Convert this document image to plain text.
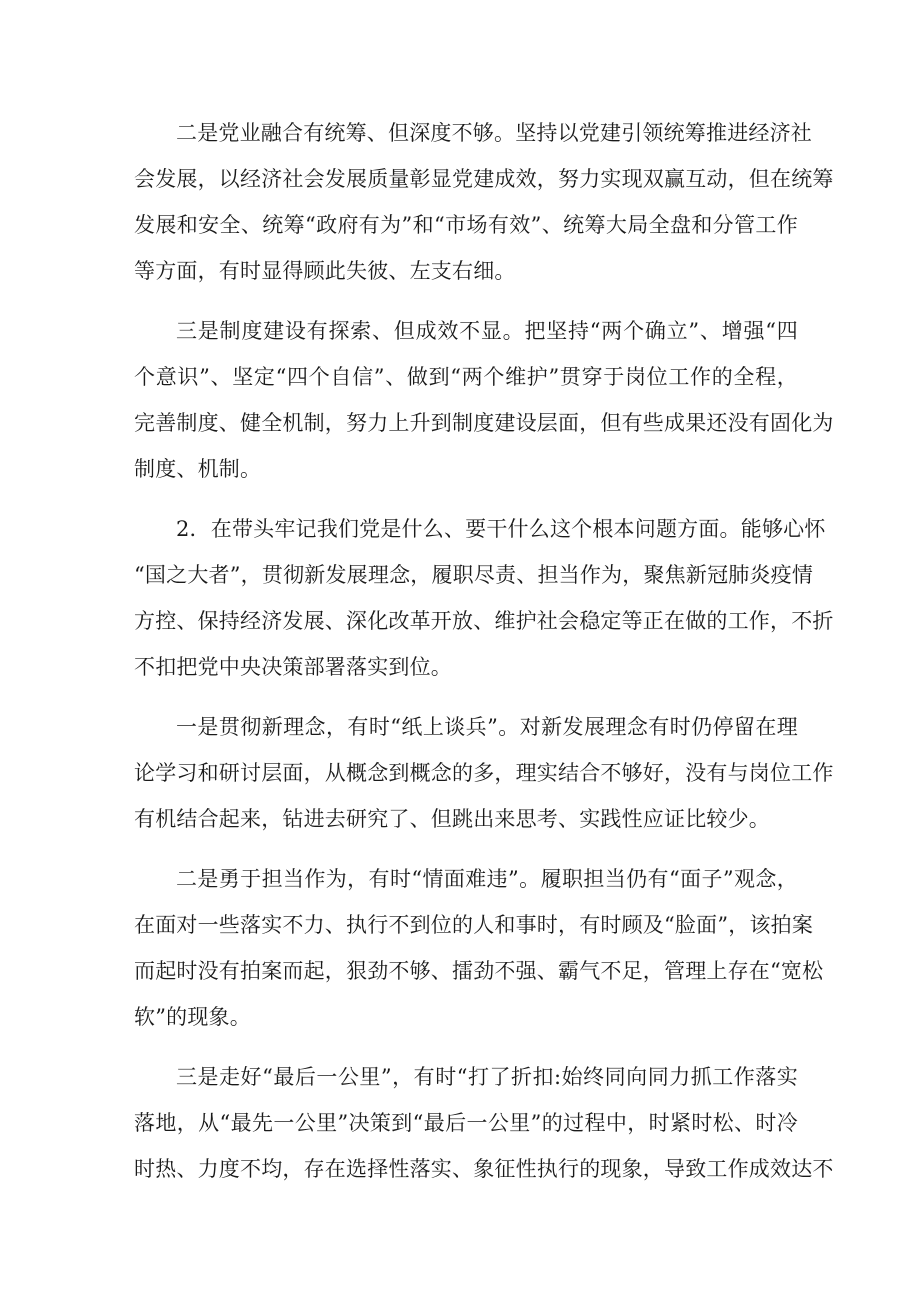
二是党业融合有统筹、但深度不够。坚持以党建引领统筹推进经济社
会发展，以经济社会发展质量彰显党建成效，努力实现双赢互动，但在统筹
发展和安全、统筹“政府有为”和“市场有效”、统筹大局全盘和分管工作
等方面，有时显得顾此失彼、左支右细。
三是制度建设有探索、但成效不显。把坚持“两个确立”、增强“四
个意识”、坚定“四个自信”、做到“两个维护”贯穿于岗位工作的全程，
完善制度、健全机制，努力上升到制度建设层面，但有些成果还没有固化为
制度、机制。
2．在带头牢记我们党是什么、要干什么这个根本问题方面。能够心怀
“国之大者”，贯彻新发展理念，履职尽责、担当作为，聚焦新冠肺炎疫情
方控、保持经济发展、深化改革开放、维护社会稳定等正在做的工作，不折
不扣把党中央决策部署落实到位。
一是贯彻新理念，有时“纸上谈兵”。对新发展理念有时仍停留在理
论学习和研讨层面，从概念到概念的多，理实结合不够好，没有与岗位工作
有机结合起来，钻进去研究了、但跳出来思考、实践性应证比较少。
二是勇于担当作为，有时“情面难违”。履职担当仍有“面子”观念，
在面对一些落实不力、执行不到位的人和事时，有时顾及“脸面”，该拍案
而起时没有拍案而起，狠劲不够、擂劲不强、霸气不足，管理上存在“宽松
软”的现象。
三是走好“最后一公里”，有时“打了折扣:始终同向同力抓工作落实
落地，从“最先一公里”决策到“最后一公里”的过程中，时紧时松、时冷
时热、力度不均，存在选择性落实、象征性执行的现象，导致工作成效达不
